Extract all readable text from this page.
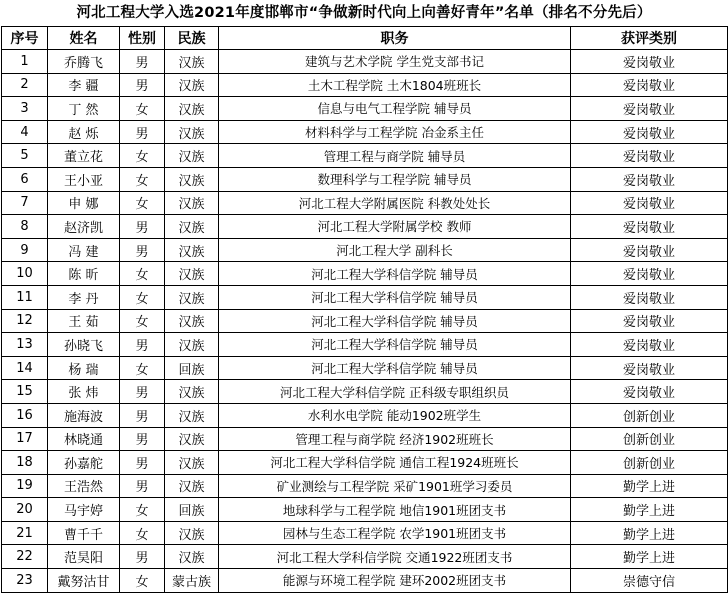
河北工程大学入选2021年度邯郸市“争做新时代向上向善好青年”名单（排名不分先后）
序号	姓名	性别	民族	职务	获评类别
1	乔腾飞	男	汉族	建筑与艺术学院 学生党支部书记	爱岗敬业
2	李 疆	男	汉族	土木工程学院 土木1804班班长	爱岗敬业
3	丁 然	女	汉族	信息与电气工程学院 辅导员	爱岗敬业
4	赵 烁	男	汉族	材料科学与工程学院 冶金系主任	爱岗敬业
5	董立花	女	汉族	管理工程与商学院 辅导员	爱岗敬业
6	王小亚	女	汉族	数理科学与工程学院 辅导员	爱岗敬业
7	申 娜	女	汉族	河北工程大学附属医院 科教处处长	爱岗敬业
8	赵济凯	男	汉族	河北工程大学附属学校 教师	爱岗敬业
9	冯 建	男	汉族	河北工程大学 副科长	爱岗敬业
10	陈 昕	女	汉族	河北工程大学科信学院 辅导员	爱岗敬业
11	李 丹	女	汉族	河北工程大学科信学院 辅导员	爱岗敬业
12	王 茹	女	汉族	河北工程大学科信学院 辅导员	爱岗敬业
13	孙晓飞	男	汉族	河北工程大学科信学院 辅导员	爱岗敬业
14	杨 瑞	女	回族	河北工程大学科信学院 辅导员	爱岗敬业
15	张 炜	男	汉族	河北工程大学科信学院 正科级专职组织员	爱岗敬业
16	施海波	男	汉族	水利水电学院 能动1902班学生	创新创业
17	林晓通	男	汉族	管理工程与商学院 经济1902班班长	创新创业
18	孙嘉舵	男	汉族	河北工程大学科信学院 通信工程1924班班长	创新创业
19	王浩然	男	汉族	矿业测绘与工程学院 采矿1901班学习委员	勤学上进
20	马宇婷	女	回族	地球科学与工程学院 地信1901班团支书	勤学上进
21	曹千千	女	汉族	园林与生态工程学院 农学1901班团支书	勤学上进
22	范昊阳	男	汉族	河北工程大学科信学院 交通1922班团支书	勤学上进
23	戴努沽甘	女	蒙古族	能源与环境工程学院 建环2002班团支书	崇德守信
